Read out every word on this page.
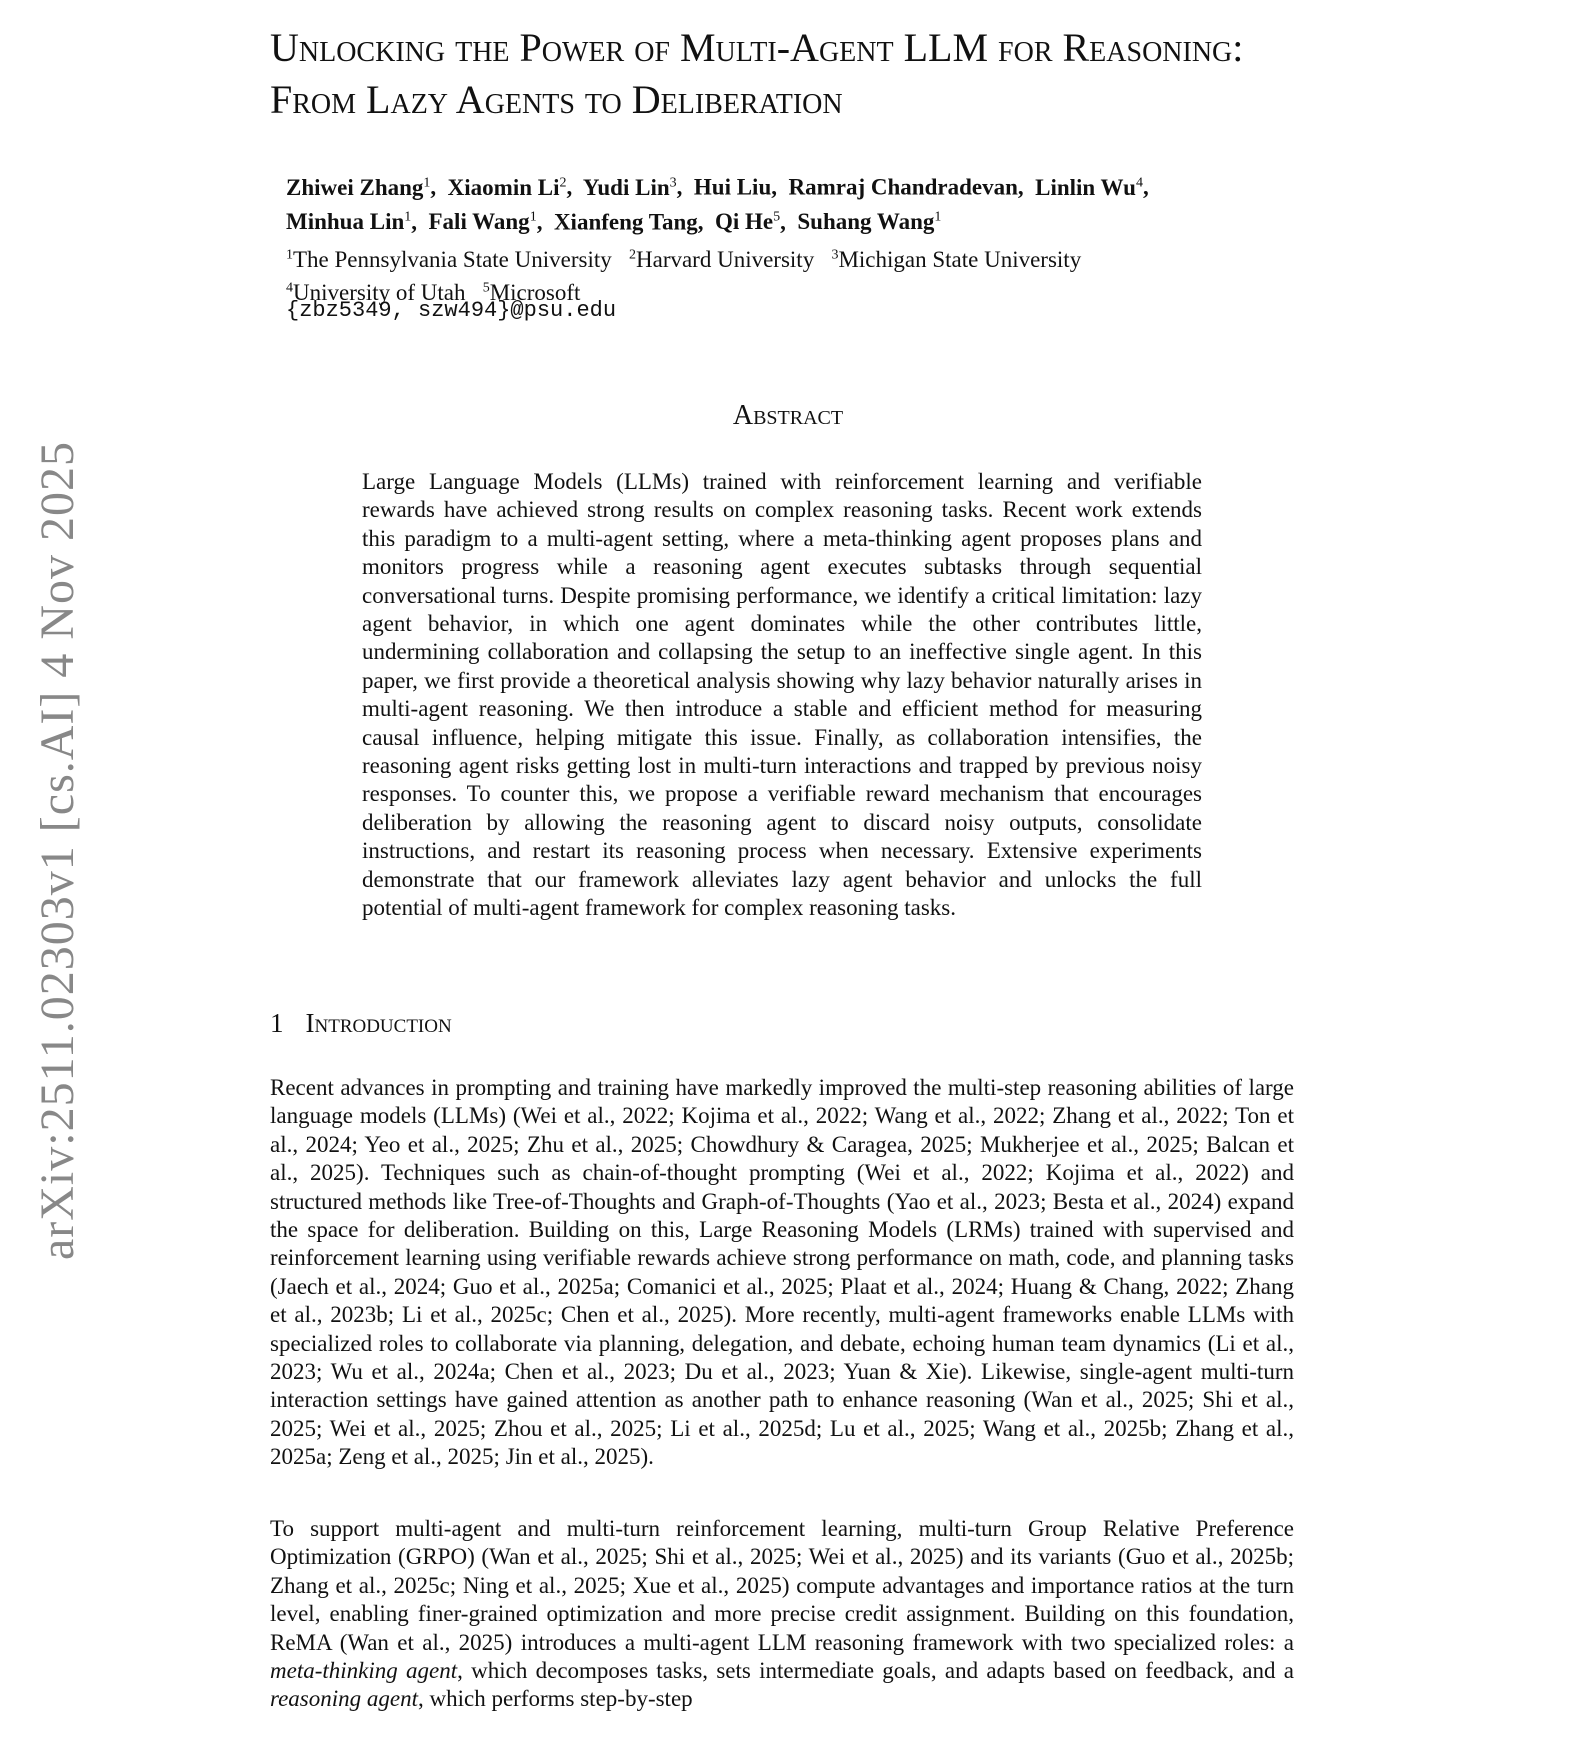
arXiv:2511.02303v1 [cs.AI] 4 Nov 2025
Unlocking the Power of Multi-Agent LLM for Reasoning: From Lazy Agents to Deliberation
Zhiwei Zhang$^1$,  Xiaomin Li$^2$,  Yudi Lin$^3$,  Hui Liu,  Ramraj Chandradevan,  Linlin Wu$^4$,
Minhua Lin$^1$,  Fali Wang$^1$,  Xianfeng Tang,  Qi He$^5$,  Suhang Wang$^1$
$^1$The Pennsylvania State University $^2$Harvard University $^3$Michigan State University
$^4$University of Utah $^5$Microsoft
{zbz5349, szw494}@psu.edu
Abstract

Large Language Models (LLMs) trained with reinforcement learning and verifiable rewards have achieved strong results on complex reasoning tasks. Recent work extends this paradigm to a multi-agent setting, where a meta-thinking agent proposes plans and monitors progress while a reasoning agent executes subtasks through sequential conversational turns. Despite promising performance, we identify a critical limitation: lazy agent behavior, in which one agent dominates while the other contributes little, undermining collaboration and collapsing the setup to an ineffective single agent. In this paper, we first provide a theoretical analysis showing why lazy behavior naturally arises in multi-agent reasoning. We then introduce a stable and efficient method for measuring causal influence, helping mitigate this issue. Finally, as collaboration intensifies, the reasoning agent risks getting lost in multi-turn interactions and trapped by previous noisy responses. To counter this, we propose a verifiable reward mechanism that encourages deliberation by allowing the reasoning agent to discard noisy outputs, consolidate instructions, and restart its reasoning process when necessary. Extensive experiments demonstrate that our framework alleviates lazy agent behavior and unlocks the full potential of multi-agent framework for complex reasoning tasks.

1 Introduction

Recent advances in prompting and training have markedly improved the multi-step reasoning abilities of large language models (LLMs) (Wei et al., 2022; Kojima et al., 2022; Wang et al., 2022; Zhang et al., 2022; Ton et al., 2024; Yeo et al., 2025; Zhu et al., 2025; Chowdhury & Caragea, 2025; Mukherjee et al., 2025; Balcan et al., 2025). Techniques such as chain-of-thought prompting (Wei et al., 2022; Kojima et al., 2022) and structured methods like Tree-of-Thoughts and Graph-of-Thoughts (Yao et al., 2023; Besta et al., 2024) expand the space for deliberation. Building on this, Large Reasoning Models (LRMs) trained with supervised and reinforcement learning using verifiable rewards achieve strong performance on math, code, and planning tasks (Jaech et al., 2024; Guo et al., 2025a; Comanici et al., 2025; Plaat et al., 2024; Huang & Chang, 2022; Zhang et al., 2023b; Li et al., 2025c; Chen et al., 2025). More recently, multi-agent frameworks enable LLMs with specialized roles to collaborate via planning, delegation, and debate, echoing human team dynamics (Li et al., 2023; Wu et al., 2024a; Chen et al., 2023; Du et al., 2023; Yuan & Xie). Likewise, single-agent multi-turn interaction settings have gained attention as another path to enhance reasoning (Wan et al., 2025; Shi et al., 2025; Wei et al., 2025; Zhou et al., 2025; Li et al., 2025d; Lu et al., 2025; Wang et al., 2025b; Zhang et al., 2025a; Zeng et al., 2025; Jin et al., 2025).

To support multi-agent and multi-turn reinforcement learning, multi-turn Group Relative Preference Optimization (GRPO) (Wan et al., 2025; Shi et al., 2025; Wei et al., 2025) and its variants (Guo et al., 2025b; Zhang et al., 2025c; Ning et al., 2025; Xue et al., 2025) compute advantages and importance ratios at the turn level, enabling finer-grained optimization and more precise credit assignment. Building on this foundation, ReMA (Wan et al., 2025) introduces a multi-agent LLM reasoning framework with two specialized roles: a meta-thinking agent, which decomposes tasks, sets intermediate goals, and adapts based on feedback, and a reasoning agent, which performs step-by-step
